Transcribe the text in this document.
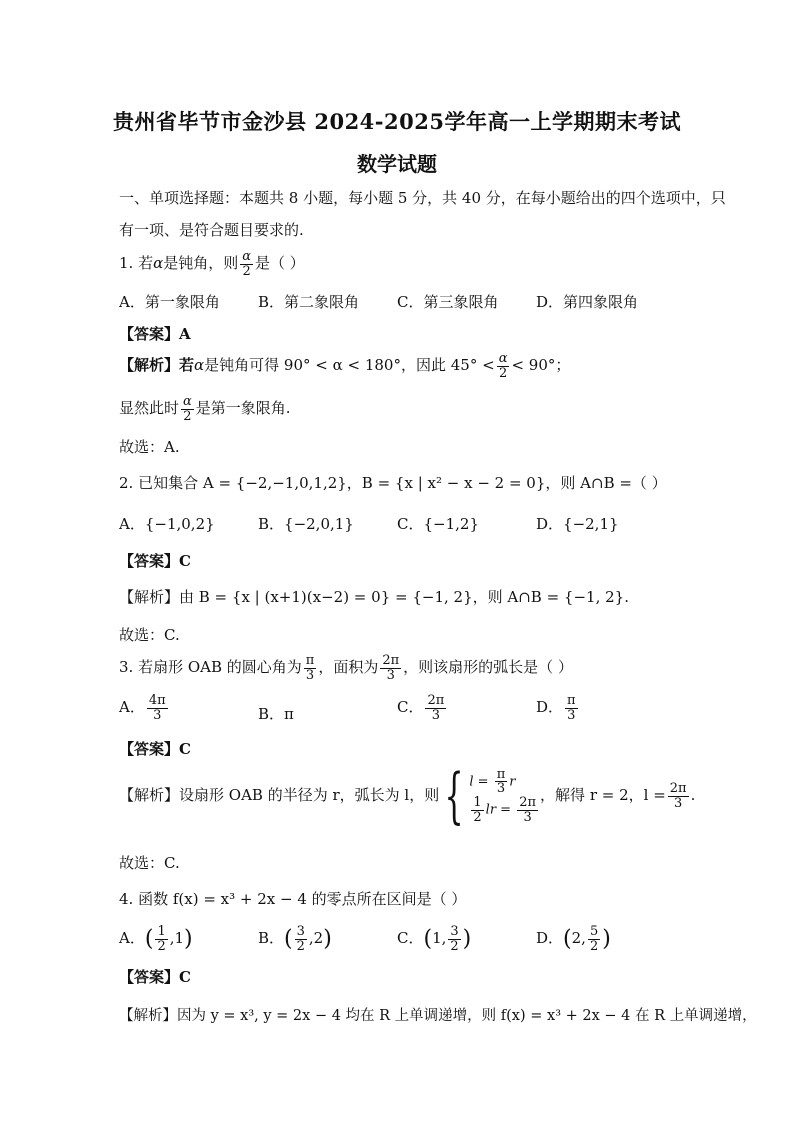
贵州省毕节市金沙县 2024-2025学年高一上学期期末考试
数学试题
一、单项选择题：本题共 8 小题，每小题 5 分，共 40 分，在每小题给出的四个选项中，只
有一项、是符合题目要求的.
1. 若α是钝角，则 $\frac{\alpha}{2}$ 是（ ）
A．第一象限角	B．第二象限角	C．第三象限角	D．第四象限角
【答案】A
【解析】若α是钝角可得 90° < α < 180°，因此 $45^\circ < \frac{\alpha}{2} < 90^\circ$；
显然此时 $\frac{\alpha}{2}$ 是第一象限角.
故选：A.
2. 已知集合 A = {−2,−1,0,1,2}，B = {x | x² − x − 2 = 0}，则 A∩B =（ ）
A．{−1,0,2}	B．{−2,0,1}	C．{−1,2}	D．{−2,1}
【答案】C
【解析】由 B = {x | (x+1)(x−2) = 0} = {−1, 2}，则 A∩B = {−1, 2}.
故选：C.
3. 若扇形 OAB 的圆心角为 $\frac{\pi}{3}$ ，面积为 $\frac{2\pi}{3}$ ，则该扇形的弧长是（ ）
A． $\frac{4\pi}{3}$	B．π	C． $\frac{2\pi}{3}$	D． $\frac{\pi}{3}$
【答案】C
【解析】设扇形 OAB 的半径为 r，弧长为 l，则{ $l = \frac{\pi}{3}$ r
$\frac{1}{2}$ lr = $\frac{2\pi}{3}$
，解得 r = 2，$l = \frac{2\pi}{3}$ .
故选：C.
4. 函数 f(x) = x³ + 2x − 4 的零点所在区间是（ ）
A．( $\frac{1}{2} ,1$)	B．( $\frac{3}{2} ,2$)	C．(1, $\frac{3}{2}$ )	D．(2, $\frac{5}{2}$ )
【答案】C
【解析】因为 y = x³, y = 2x − 4 均在 R 上单调递增，则 f(x) = x³ + 2x − 4 在 R 上单调递增，
